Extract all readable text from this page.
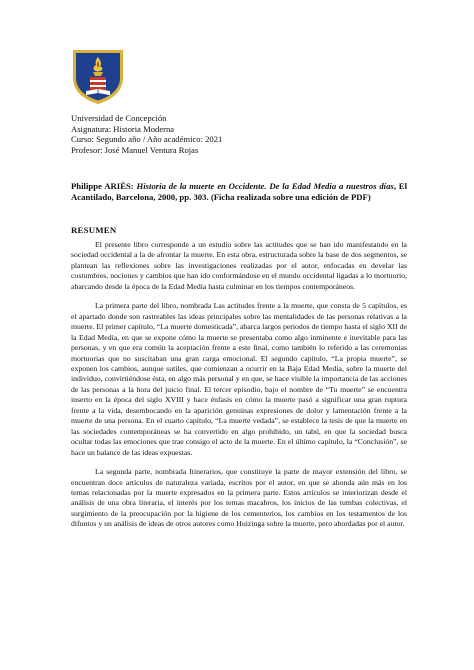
Universidad de Concepción
Asignatura: Historia Moderna
Curso: Segundo año / Año académico: 2021
Profesor: José Manuel Ventura Rojas
Philippe ARIÈS: Historia de la muerte en Occidente. De la Edad Media a nuestros días, El Acantilado, Barcelona, 2000, pp. 303. (Ficha realizada sobre una edición de PDF)
RESUMEN

El presente libro corresponde a un estudio sobre las actitudes que se han ido manifestando en la sociedad occidental a la de afrontar la muerte. En esta obra, estructurada sobre la base de dos segmentos, se plantean las reflexiones sobre las investigaciones realizadas por el autor, enfocadas en develar las costumbres, nociones y cambios que han ido conformándose en el mundo occidental ligadas a lo mortuorio, abarcando desde la época de la Edad Media hasta culminar en los tiempos contemporáneos.

La primera parte del libro, nombrada Las actitudes frente a la muerte, que consta de 5 capítulos, es el apartado donde son rastreables las ideas principales sobre las mentalidades de las personas relativas a la muerte. El primer capítulo, “La muerte domesticada”, abarca largos periodos de tiempo hasta el siglo XII de la Edad Media, en que se expone cómo la muerte se presentaba como algo inminente e inevitable para las personas, y en que era común la aceptación frente a este final, como también lo referido a las ceremonias mortuorias que no suscitaban una gran carga emocional. El segundo capítulo, “La propia muerte”, se exponen los cambios, aunque sutiles, que comienzan a ocurrir en la Baja Edad Media, sobre la muerte del individuo, convirtiéndose ésta, en algo más personal y en que, se hace visible la importancia de las acciones de las personas a la hora del juicio final. El tercer episodio, bajo el nombre de “Tu muerte” se encuentra inserto en la época del siglo XVIII y hace énfasis en cómo la muerte pasó a significar una gran ruptura frente a la vida, desembocando en la aparición genuinas expresiones de dolor y lamentación frente a la muerte de una persona. En el cuarto capítulo, “La muerte vedada”, se establece la tesis de que la muerte en las sociedades contemporáneas se ha convertido en algo prohibido, un tabú, en que la sociedad busca ocultar todas las emociones que trae consigo el acto de la muerte. En el último capítulo, la “Conclusión”, se hace un balance de las ideas expuestas.

La segunda parte, nombrada Itinerarios, que constituye la parte de mayor extensión del libro, se encuentran doce artículos de naturaleza variada, escritos por el autor, en que se ahonda aún más en los temas relacionadas por la muerte expresados en la primera parte. Estos artículos se interiorizan desde el análisis de una obra literaria, el interés por los temas macabros, los inicios de las tumbas colectivas, el surgimiento de la preocupación por la higiene de los cementerios, los cambios en los testamentos de los difuntos y un análisis de ideas de otros autores como Huizinga sobre la muerte, pero abordadas por el autor.
